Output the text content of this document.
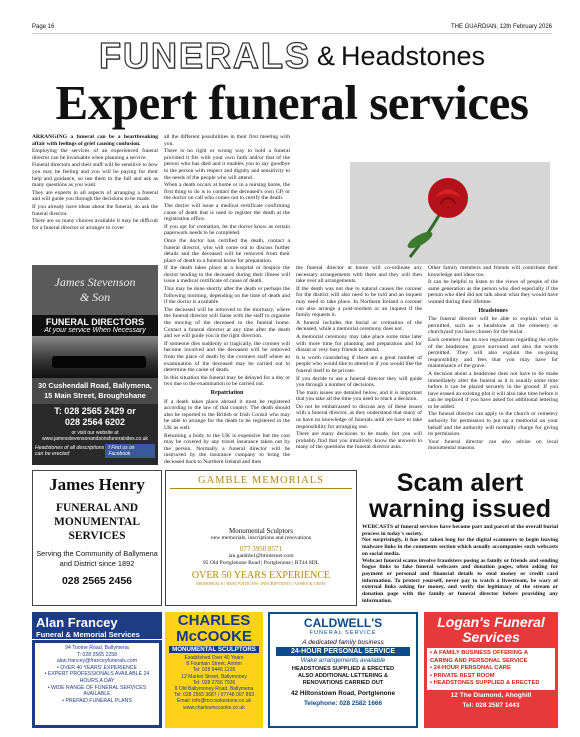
Page 16	THE GUARDIAN, 12th February 2026
FUNERALS & Headstones
Expert funeral services

ARRANGING a funeral can be a heartbreaking affair with feelings of grief causing confusion.

Employing the services of an experienced funeral director can be invaluable when planning a service.

Funeral directors and their staff will be sensitive to how you may be feeling and you will be paying for their help and guidance, so use them to the full and ask as many questions as you want.

They are experts in all aspects of arranging a funeral and will guide you through the decisions to be made.

If you already have ideas about the funeral, do ask the funeral director.

There are so many choices available it may be difficult for a funeral director or arranger to cover

all the different possibilities in their first meeting with you.

There is no right or wrong way to hold a funeral provided it fits with your own faith and/or that of the person who has died and it enables you to say goodbye to the person with respect and dignity and sensitivity to the needs of the people who will attend.

When a death occurs at home or in a nursing home, the first thing to do is to contact the deceased's own GP, or the doctor on call who comes out to certify the death.

The doctor will issue a medical certificate confirming cause of death that is used to register the death at the registration office.

If you opt for cremation, let the doctor know as certain paperwork needs to be completed.

Once the doctor has certified the death, contact a funeral director, who will come out to discuss further details and the deceased will be removed from their place of death to a funeral home for preparation.

If the death takes place at a hospital or hospice the doctor tending to the deceased during their illness will issue a medical certificate of cause of death.

This may be done shortly after the death or perhaps the following morning, depending on the time of death and if the doctor is available.

The deceased will be removed to the mortuary, where the funeral director will liaise with the staff to organise the moving of the deceased to the funeral home. Contact a funeral director at any time after the death and we will guide you in the right direction.

If someone dies suddenly or tragically, the coroner will become involved and the deceased will be removed from the place of death by the coroners staff where an examination of the deceased may be carried out to determine the cause of death.

In this situation the funeral may be delayed for a day or two due to the examination to be carried out.

Repatriation

If a death takes place abroad it must be registered according to the law of that country. The death should also be reported to the British or Irish Consul who may be able to arrange for the death to be registered in the UK as well.

Returning a body to the UK is expensive but the cost may be covered by any travel insurance taken out by the person. Normally a funeral director will be instructed by the insurance company to bring the deceased back to Northern Ireland and then

the funeral director at home will co-ordinate any necessary arrangements with them and they will then take over all arrangements.

If the death was not due to natural causes the coroner for the district will also need to be told and an inquest may need to take place. In Northern Ireland a coroner can also arrange a post-mortem or an inquest if the family requests it.

A funeral includes the burial or cremation of the deceased, while a memorial ceremony does not.

A memorial ceremony may take place some time later with more time for planning and preparation and for distant or very busy friends to attend.

It is worth considering if there are a great number of people who would like to attend or if you would like the funeral itself to be private.

If you decide to use a funeral director they will guide you through a number of decisions.

The main issues are detailed below, and it is important that you take all the time you need to reach a decision.

Do not be embarrassed to discuss any of these issues with a funeral director, as they understand that many of us have no knowledge of funerals until we have to take responsibility for arranging one.

There are many decisions to be made, but you will probably find that you intuitively know the answers to many of the questions the funeral director asks.

Other family members and friends will contribute their knowledge and ideas too.

It can be helpful to listen to the views of people of the same generation as the person who died especially if the person who died did not talk about what they would have wanted during their lifetime.

Headstones

The funeral director will be able to explain what is permitted, such as a headstone at the cemetery or churchyard you have chosen for the burial.

Each cemetery has its own regulations regarding the style of the headstone, grave surround and also the words permitted. They will also explain the on-going responsibility and fees that you may have for maintenance of the grave.

A decision about a headstone does not have to be made immediately after the funeral as it is usually some time before it can be placed securely in the ground. If you have erased an existing plot it will also take time before it can be replaced if you have asked for additional lettering to be added.

The funeral director can apply to the church or cemetery authority for permission to put up a memorial on your behalf and the authority will normally charge for giving its permission.

Your funeral director can also advise on local monumental masons.

James Stevenson
& Son
FUNERAL DIRECTORS
At your service When Necessary
30 Cushendall Road, Ballymena,
15 Main Street, Broughshane
T: 028 2565 2429 or
028 2564 6202
or visit our website at
www.jamesstevensonandsonsfuneralsites.co.uk
Headstones of all descriptions can be erected
f Find us on Facebook
James Henry
FUNERAL AND MONUMENTAL SERVICES
Serving the Community of Ballymena and District since 1892
028 2565 2456
GAMBLE MEMORIALS
Monumental Sculptors
new memorials, inscriptions and renovations
077 3950 8571
ian.gamble1@btinternet.com
95 Old Portglenone Road | Portglenone | BT44 8DL
OVER 50 YEARS EXPERIENCE
MEMORIALS | RENOVATIONS | INSCRIPTIONS | ASHES & URNS
Scam alert warning issued

WEBCASTS of funeral services have become part and parcel of the overall burial process in today's society.

Not surprisingly, it has not taken long for the digital scammers to begin leaving malware links in the comments section which usually accompanies such webcasts on social media.

Webcast funeral scams involve fraudsters posing as family or friends and sending bogus links to fake funeral webcasts and donation pages, often asking for payment or personal and financial details to steal money or credit card information. To protect yourself, never pay to watch a livestream, be wary of external links asking for money, and verify the legitimacy of the stream or donation page with the family or funeral director before providing any information.

Alan Francey
Funeral & Memorial Services
94 Toome Road, Ballymena
T: 028 2565 2258
alan.francey@franceyfunerals.com
• OVER 40 YEARS' EXPERIENCE
• EXPERT PROFESSIONALS AVAILABLE 24 HOURS A DAY
• WIDE RANGE OF FUNERAL SERVICES AVAILABLE
• PREPAID FUNERAL PLANS
CHARLES
McCOOKE
MONUMENTAL SCULPTORS
Established Over 40 Years
8 Fountain Street, Antrim
Tel: 028 9446 1226
12 Market Street, Ballymoney
Tel: 028 2766 7926
9 Old Ballymoney Road, Ballymena
Tel: 028 2565 3687 / 07748 007 893
Email: info@mccookestone.co.uk
www.charlesmccooke.co.uk
CALDWELL'S
FUNERAL SERVICE
A dedicated family business
24-HOUR PERSONAL SERVICE
Wake arrangements available
HEADSTONES SUPPLIED & ERECTED
ALSO ADDITIONAL LETTERING &
RENOVATIONS CARRIED OUT
42 Hiltonstown Road, Portglenone
Telephone: 028 2582 1666
Logan's Funeral Services
• A FAMILY BUSINESS OFFERING A
CARING AND PERSONAL SERVICE
• 24-HOUR PERSONAL CARE
• PRIVATE REST ROOM
• HEADSTONES SUPPLIED & ERECTED
12 The Diamond, Ahoghill
Tel: 028 2587 1443
